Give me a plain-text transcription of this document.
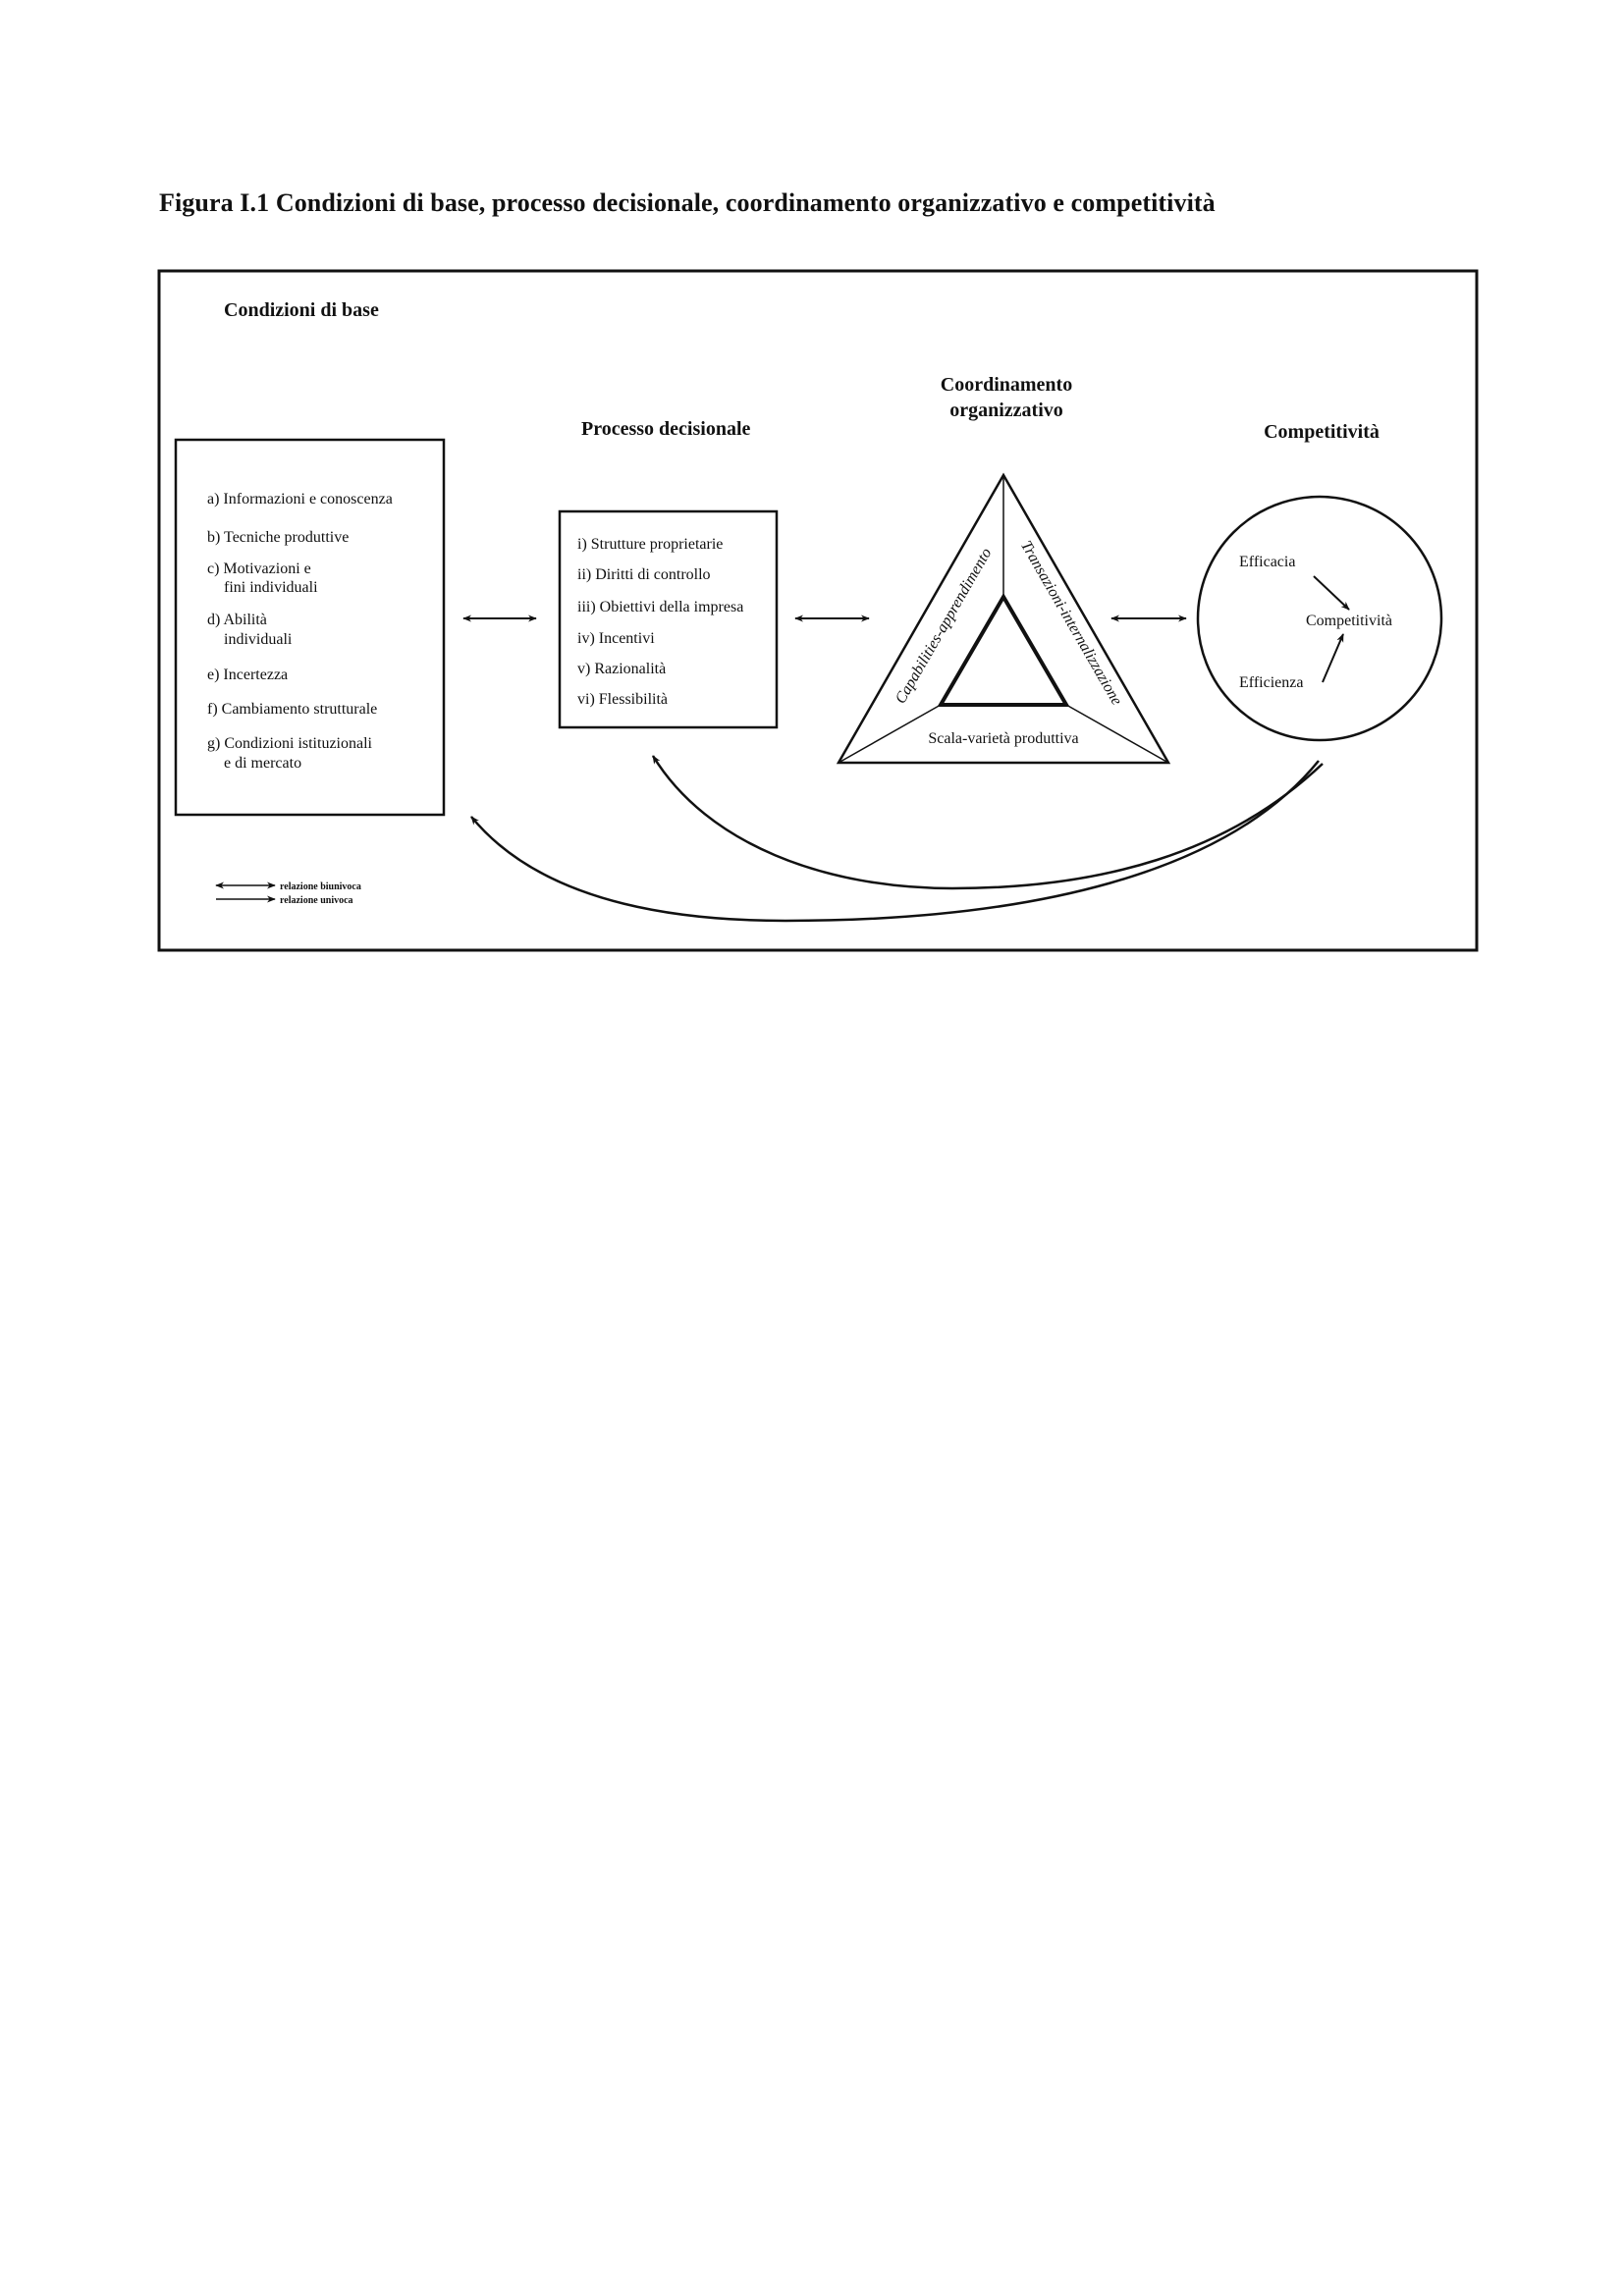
Figura I.1 Condizioni di base, processo decisionale, coordinamento organizzativo e competitività
Condizioni di base
a) Informazioni e conoscenza
b) Tecniche produttive
c) Motivazioni e
fini individuali
d) Abilità
individuali
e) Incertezza
f) Cambiamento strutturale
g) Condizioni istituzionali
e di mercato
relazione biunivoca
relazione univoca
Processo decisionale
i) Strutture proprietarie
ii) Diritti di controllo
iii) Obiettivi della impresa
iv) Incentivi
v) Razionalità
vi) Flessibilità
Coordinamento
organizzativo
Capabilities-apprendimento Transazioni-internalizzazione
Scala-varietà produttiva
Competitività
Efficacia
Competitività
Efficienza
